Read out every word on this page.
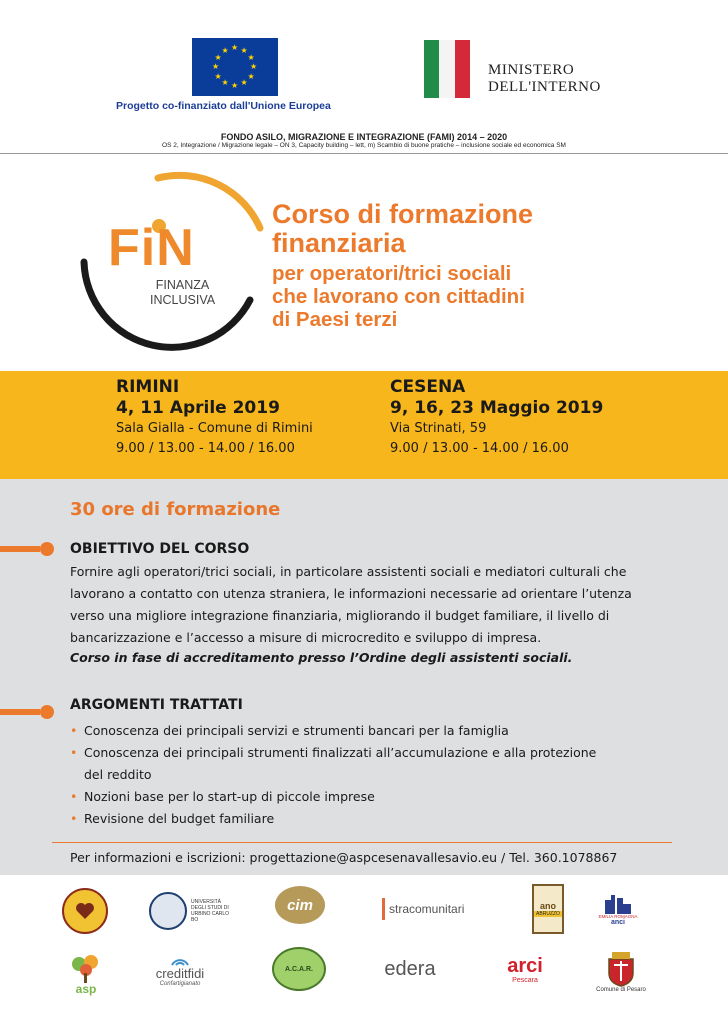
★ ★
★
★
★
★
★
★
★
★
★
★
Progetto co-finanziato dall'Unione Europea
MINISTERO
DELL'INTERNO
FONDO ASILO, MIGRAZIONE E INTEGRAZIONE (FAMI) 2014 – 2020
OS 2, Integrazione / Migrazione legale – ON 3, Capacity building – lett, m) Scambio di buone pratiche – inclusione sociale ed economica SM
FiN
FINANZA
INCLUSIVA
Corso di formazione
finanziaria
per operatori/trici sociali
che lavorano con cittadini
di Paesi terzi
RIMINI
4, 11 Aprile 2019
Sala Gialla - Comune di Rimini
9.00 / 13.00 - 14.00 / 16.00
CESENA
9, 16, 23 Maggio 2019
Via Strinati, 59
9.00 / 13.00 - 14.00 / 16.00
30 ore di formazione
OBIETTIVO DEL CORSO
Fornire agli operatori/trici sociali, in particolare assistenti sociali e mediatori culturali che
lavorano a contatto con utenza straniera, le informazioni necessarie ad orientare l’utenza
verso una migliore integrazione finanziaria, migliorando il budget familiare, il livello di
bancarizzazione e l’accesso a misure di microcredito e sviluppo di impresa.
Corso in fase di accreditamento presso l’Ordine degli assistenti sociali.
ARGOMENTI TRATTATI
• Conoscenza dei principali servizi e strumenti bancari per la famiglia
• Conoscenza dei principali strumenti finalizzati all’accumulazione e alla protezione
del reddito
• Nozioni base per lo start-up di piccole imprese
• Revisione del budget familiare
Per informazioni e iscrizioni: progettazione@aspcesenavallesavio.eu / Tel. 360.1078867
UNIVERSITÀ DEGLI STUDI DI URBINO CARLO BO
cim	stracomunitari	ano
ABRUZZO	EMILIA ROMAGNA
anci
asp
creditfidi
Confartigianato
A.C.A.R.	edera	arci
Pescara
Comune di Pesaro
